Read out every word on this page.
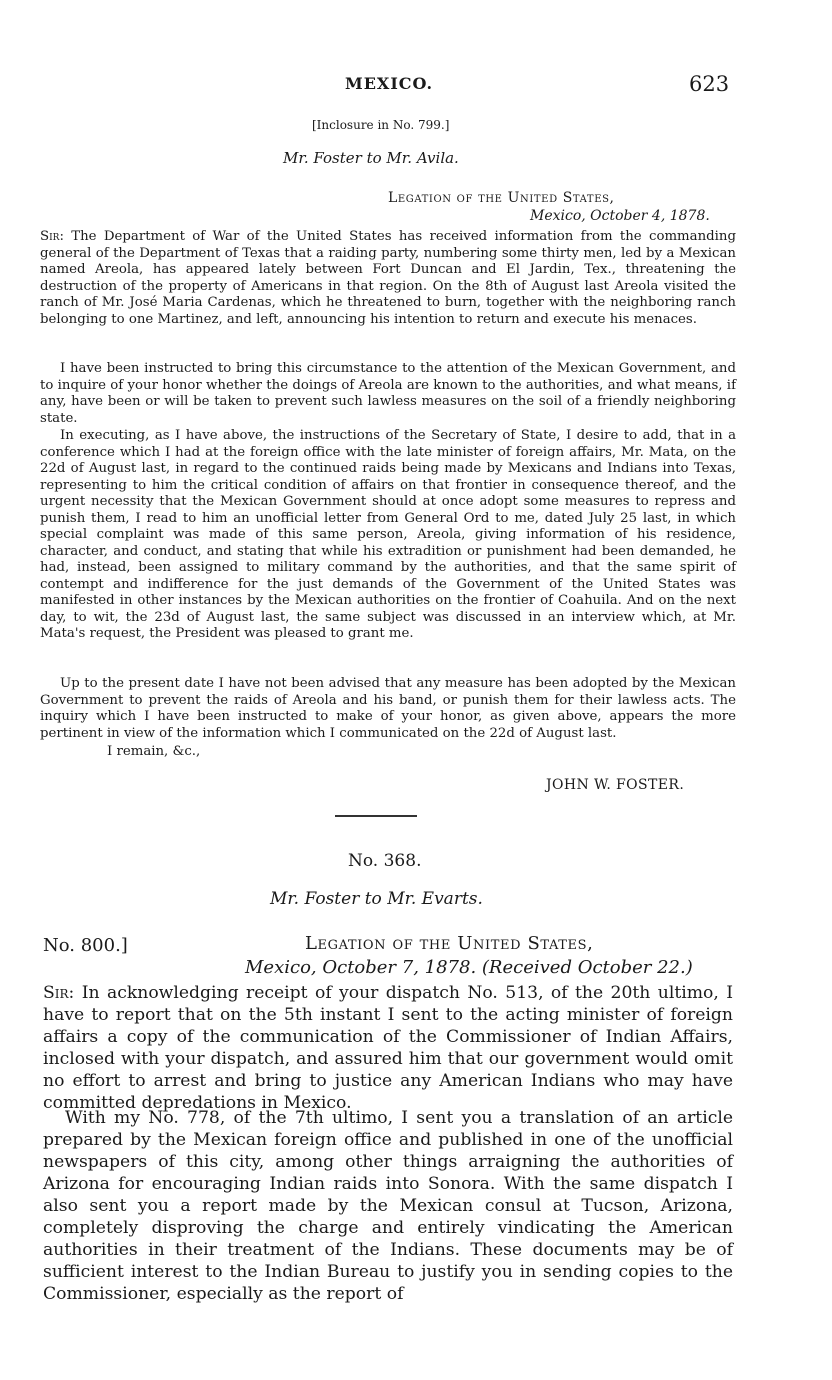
MEXICO.	623
[Inclosure in No. 799.]
Mr. Foster to Mr. Avila.
Legation of the United States,
Mexico, October 4, 1878.

Sir: The Department of War of the United States has received information from the commanding general of the Department of Texas that a raiding party, numbering some thirty men, led by a Mexican named Areola, has appeared lately between Fort Duncan and El Jardin, Tex., threatening the destruction of the property of Americans in that region. On the 8th of August last Areola visited the ranch of Mr. José Maria Cardenas, which he threatened to burn, together with the neighboring ranch belonging to one Martinez, and left, announcing his intention to return and execute his menaces.

I have been instructed to bring this circumstance to the attention of the Mexican Government, and to inquire of your honor whether the doings of Areola are known to the authorities, and what means, if any, have been or will be taken to prevent such lawless measures on the soil of a friendly neighboring state.

In executing, as I have above, the instructions of the Secretary of State, I desire to add, that in a conference which I had at the foreign office with the late minister of foreign affairs, Mr. Mata, on the 22d of August last, in regard to the continued raids being made by Mexicans and Indians into Texas, representing to him the critical condition of affairs on that frontier in consequence thereof, and the urgent necessity that the Mexican Government should at once adopt some measures to repress and punish them, I read to him an unofficial letter from General Ord to me, dated July 25 last, in which special complaint was made of this same person, Areola, giving information of his residence, character, and conduct, and stating that while his extradition or punishment had been demanded, he had, instead, been assigned to military command by the authorities, and that the same spirit of contempt and indifference for the just demands of the Government of the United States was manifested in other instances by the Mexican authorities on the frontier of Coahuila. And on the next day, to wit, the 23d of August last, the same subject was discussed in an interview which, at Mr. Mata's request, the President was pleased to grant me.

Up to the present date I have not been advised that any measure has been adopted by the Mexican Government to prevent the raids of Areola and his band, or punish them for their lawless acts. The inquiry which I have been instructed to make of your honor, as given above, appears the more pertinent in view of the information which I communicated on the 22d of August last.

I remain, &c.,
JOHN W. FOSTER.
No. 368.
Mr. Foster to Mr. Evarts.
No. 800.]	Legation of the United States,
Mexico, October 7, 1878. (Received October 22.)

Sir: In acknowledging receipt of your dispatch No. 513, of the 20th ultimo, I have to report that on the 5th instant I sent to the acting minister of foreign affairs a copy of the communication of the Commissioner of Indian Affairs, inclosed with your dispatch, and assured him that our government would omit no effort to arrest and bring to justice any American Indians who may have committed depredations in Mexico.

With my No. 778, of the 7th ultimo, I sent you a translation of an article prepared by the Mexican foreign office and published in one of the unofficial newspapers of this city, among other things arraigning the authorities of Arizona for encouraging Indian raids into Sonora. With the same dispatch I also sent you a report made by the Mexican consul at Tucson, Arizona, completely disproving the charge and entirely vindicating the American authorities in their treatment of the Indians. These documents may be of sufficient interest to the Indian Bureau to justify you in sending copies to the Commissioner, especially as the report of
